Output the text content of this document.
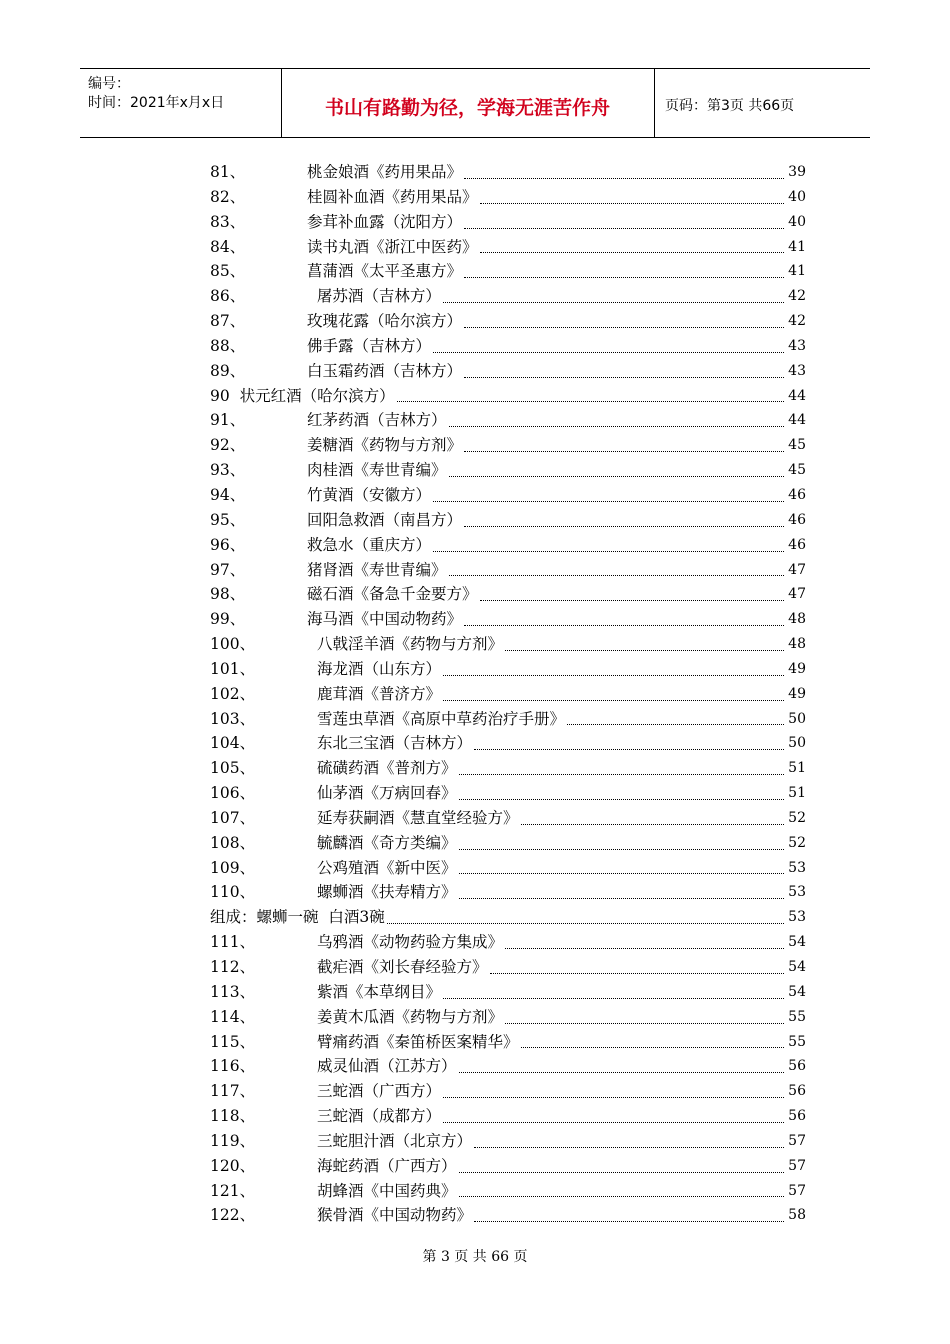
编号：
时间：2021年x月x日	书山有路勤为径，学海无涯苦作舟	页码：第3页 共66页
81、	桃金娘酒《药用果品》	39
82、	桂圆补血酒《药用果品》	40
83、	参茸补血露（沈阳方）	40
84、	读书丸酒《浙江中医药》	41
85、	菖蒲酒《太平圣惠方》	41
86、	屠苏酒（吉林方）	42
87、	玫瑰花露（哈尔滨方）	42
88、	佛手露（吉林方）	43
89、	白玉霜药酒（吉林方）	43
90  状元红酒（哈尔滨方）	44
91、	红茅药酒（吉林方）	44
92、	姜糖酒《药物与方剂》	45
93、	肉桂酒《寿世青编》	45
94、	竹黄酒（安徽方）	46
95、	回阳急救酒（南昌方）	46
96、	救急水（重庆方）	46
97、	猪肾酒《寿世青编》	47
98、	磁石酒《备急千金要方》	47
99、	海马酒《中国动物药》	48
100、	八戟淫羊酒《药物与方剂》	48
101、	海龙酒（山东方）	49
102、	鹿茸酒《普济方》	49
103、	雪莲虫草酒《高原中草药治疗手册》	50
104、	东北三宝酒（吉林方）	50
105、	硫磺药酒《普剂方》	51
106、	仙茅酒《万病回春》	51
107、	延寿获嗣酒《慧直堂经验方》	52
108、	毓麟酒《奇方类编》	52
109、	公鸡殖酒《新中医》	53
110、	螺蛳酒《扶寿精方》	53
组成：螺蛳一碗  白酒3碗	53
111、	乌鸦酒《动物药验方集成》	54
112、	截疟酒《刘长春经验方》	54
113、	紫酒《本草纲目》	54
114、	姜黄木瓜酒《药物与方剂》	55
115、	臂痛药酒《秦笛桥医案精华》	55
116、	威灵仙酒（江苏方）	56
117、	三蛇酒（广西方）	56
118、	三蛇酒（成都方）	56
119、	三蛇胆汁酒（北京方）	57
120、	海蛇药酒（广西方）	57
121、	胡蜂酒《中国药典》	57
122、	猴骨酒《中国动物药》	58
第 3 页 共 66 页
